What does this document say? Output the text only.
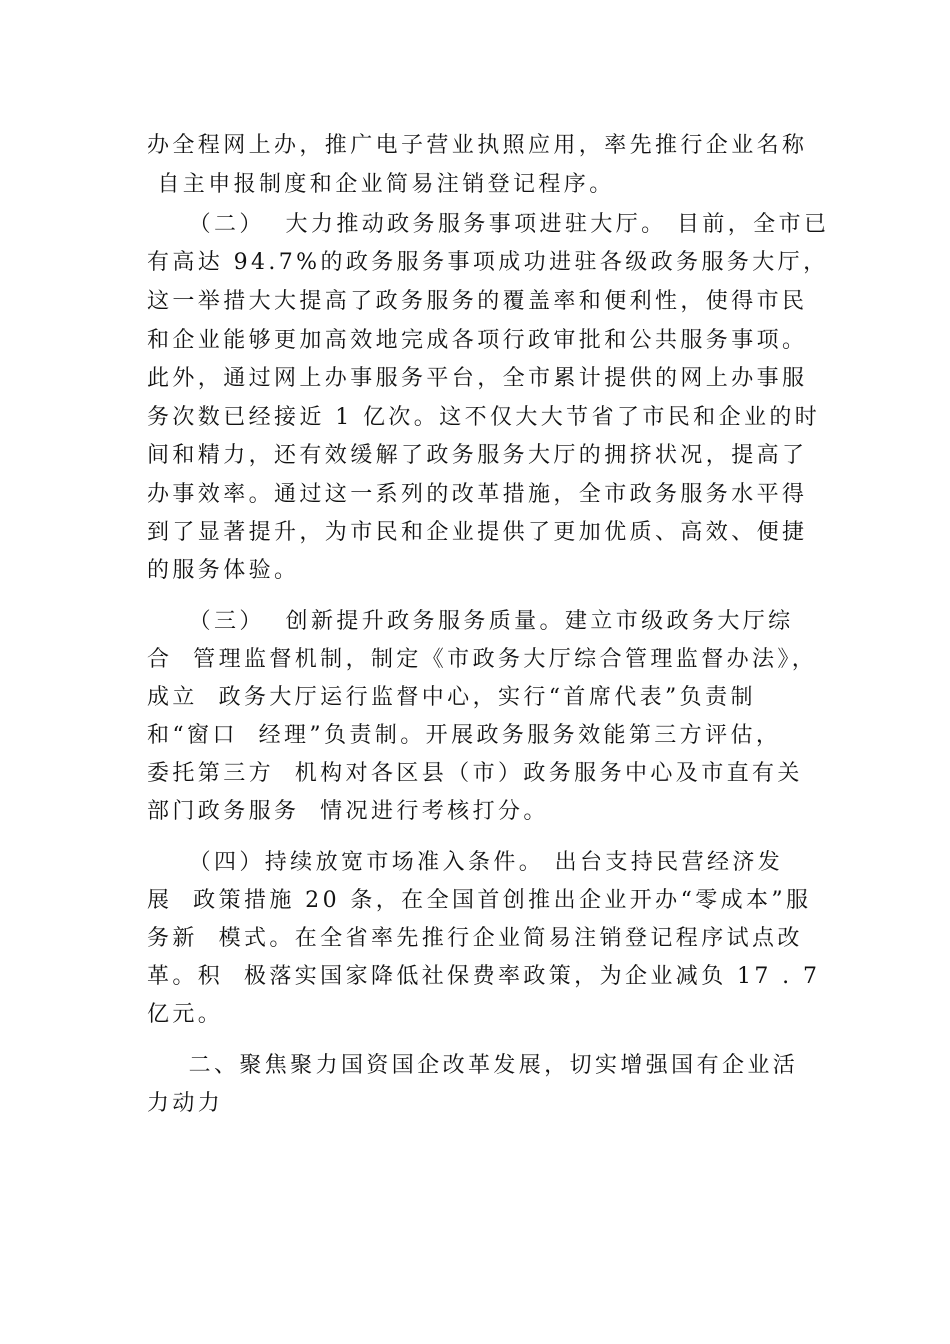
办全程网上办，推广电子营业执照应用，率先推行企业名称
自主申报制度和企业简易注销登记程序。
（二）  大力推动政务服务事项进驻大厅。 目前，全市已
有高达 94.7%的政务服务事项成功进驻各级政务服务大厅，
这一举措大大提高了政务服务的覆盖率和便利性，使得市民
和企业能够更加高效地完成各项行政审批和公共服务事项。
此外，通过网上办事服务平台，全市累计提供的网上办事服
务次数已经接近 1 亿次。这不仅大大节省了市民和企业的时
间和精力，还有效缓解了政务服务大厅的拥挤状况，提高了
办事效率。通过这一系列的改革措施，全市政务服务水平得
到了显著提升，为市民和企业提供了更加优质、高效、便捷
的服务体验。
（三）  创新提升政务服务质量。建立市级政务大厅综
合  管理监督机制，制定《市政务大厅综合管理监督办法》，
成立  政务大厅运行监督中心，实行“首席代表”负责制
和“窗口  经理”负责制。开展政务服务效能第三方评估，
委托第三方  机构对各区县（市）政务服务中心及市直有关
部门政务服务  情况进行考核打分。
（四）持续放宽市场准入条件。 出台支持民营经济发
展  政策措施 20 条，在全国首创推出企业开办“零成本”服
务新  模式。在全省率先推行企业简易注销登记程序试点改
革。积  极落实国家降低社保费率政策，为企业减负 17 . 7
亿元。
二、聚焦聚力国资国企改革发展，切实增强国有企业活
力动力
